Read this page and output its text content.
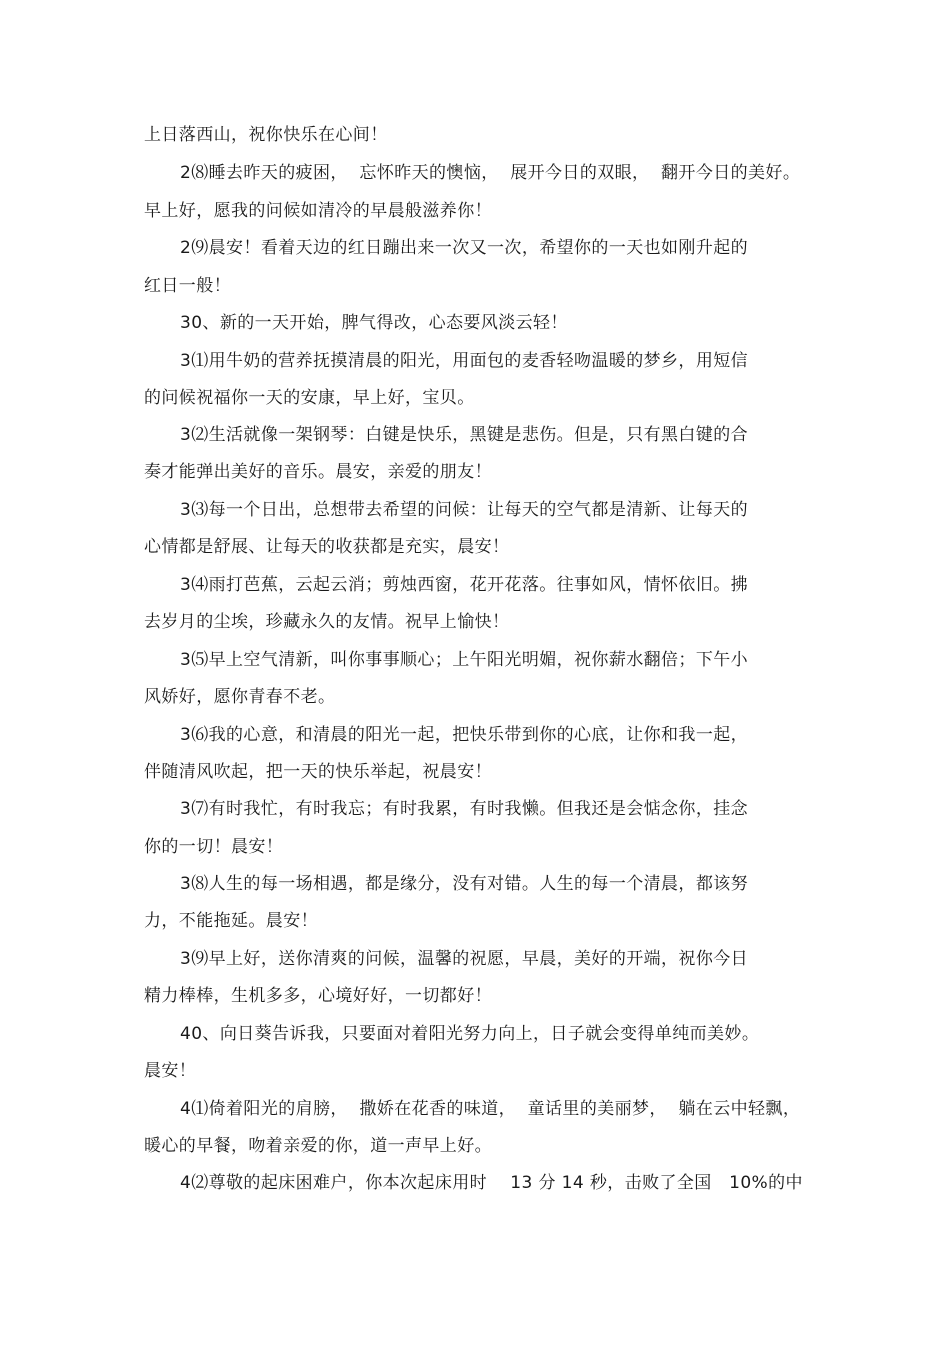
上日落西山，祝你快乐在心间！
2⑻睡去昨天的疲困，  忘怀昨天的懊恼，  展开今日的双眼，  翻开今日的美好。
早上好，愿我的问候如清冷的早晨般滋养你！
2⑼晨安！看着天边的红日蹦出来一次又一次，希望你的一天也如刚升起的
红日一般！
30、新的一天开始，脾气得改，心态要风淡云轻！
3⑴用牛奶的营养抚摸清晨的阳光，用面包的麦香轻吻温暖的梦乡，用短信
的问候祝福你一天的安康，早上好，宝贝。
3⑵生活就像一架钢琴：白键是快乐，黑键是悲伤。但是，只有黑白键的合
奏才能弹出美好的音乐。晨安，亲爱的朋友！
3⑶每一个日出，总想带去希望的问候：让每天的空气都是清新、让每天的
心情都是舒展、让每天的收获都是充实，晨安！
3⑷雨打芭蕉，云起云消；剪烛西窗，花开花落。往事如风，情怀依旧。拂
去岁月的尘埃，珍藏永久的友情。祝早上愉快！
3⑸早上空气清新，叫你事事顺心；上午阳光明媚，祝你薪水翻倍；下午小
风娇好，愿你青春不老。
3⑹我的心意，和清晨的阳光一起，把快乐带到你的心底，让你和我一起，
伴随清风吹起，把一天的快乐举起，祝晨安！
3⑺有时我忙，有时我忘；有时我累，有时我懒。但我还是会惦念你，挂念
你的一切！晨安！
3⑻人生的每一场相遇，都是缘分，没有对错。人生的每一个清晨，都该努
力，不能拖延。晨安！
3⑼早上好，送你清爽的问候，温馨的祝愿，早晨，美好的开端，祝你今日
精力棒棒，生机多多，心境好好，一切都好！
40、向日葵告诉我，只要面对着阳光努力向上，日子就会变得单纯而美妙。
晨安！
4⑴倚着阳光的肩膀，  撒娇在花香的味道，  童话里的美丽梦，  躺在云中轻飘，
暖心的早餐，吻着亲爱的你，道一声早上好。
4⑵尊敬的起床困难户，你本次起床用时    13 分 14 秒，击败了全国   10%的中
